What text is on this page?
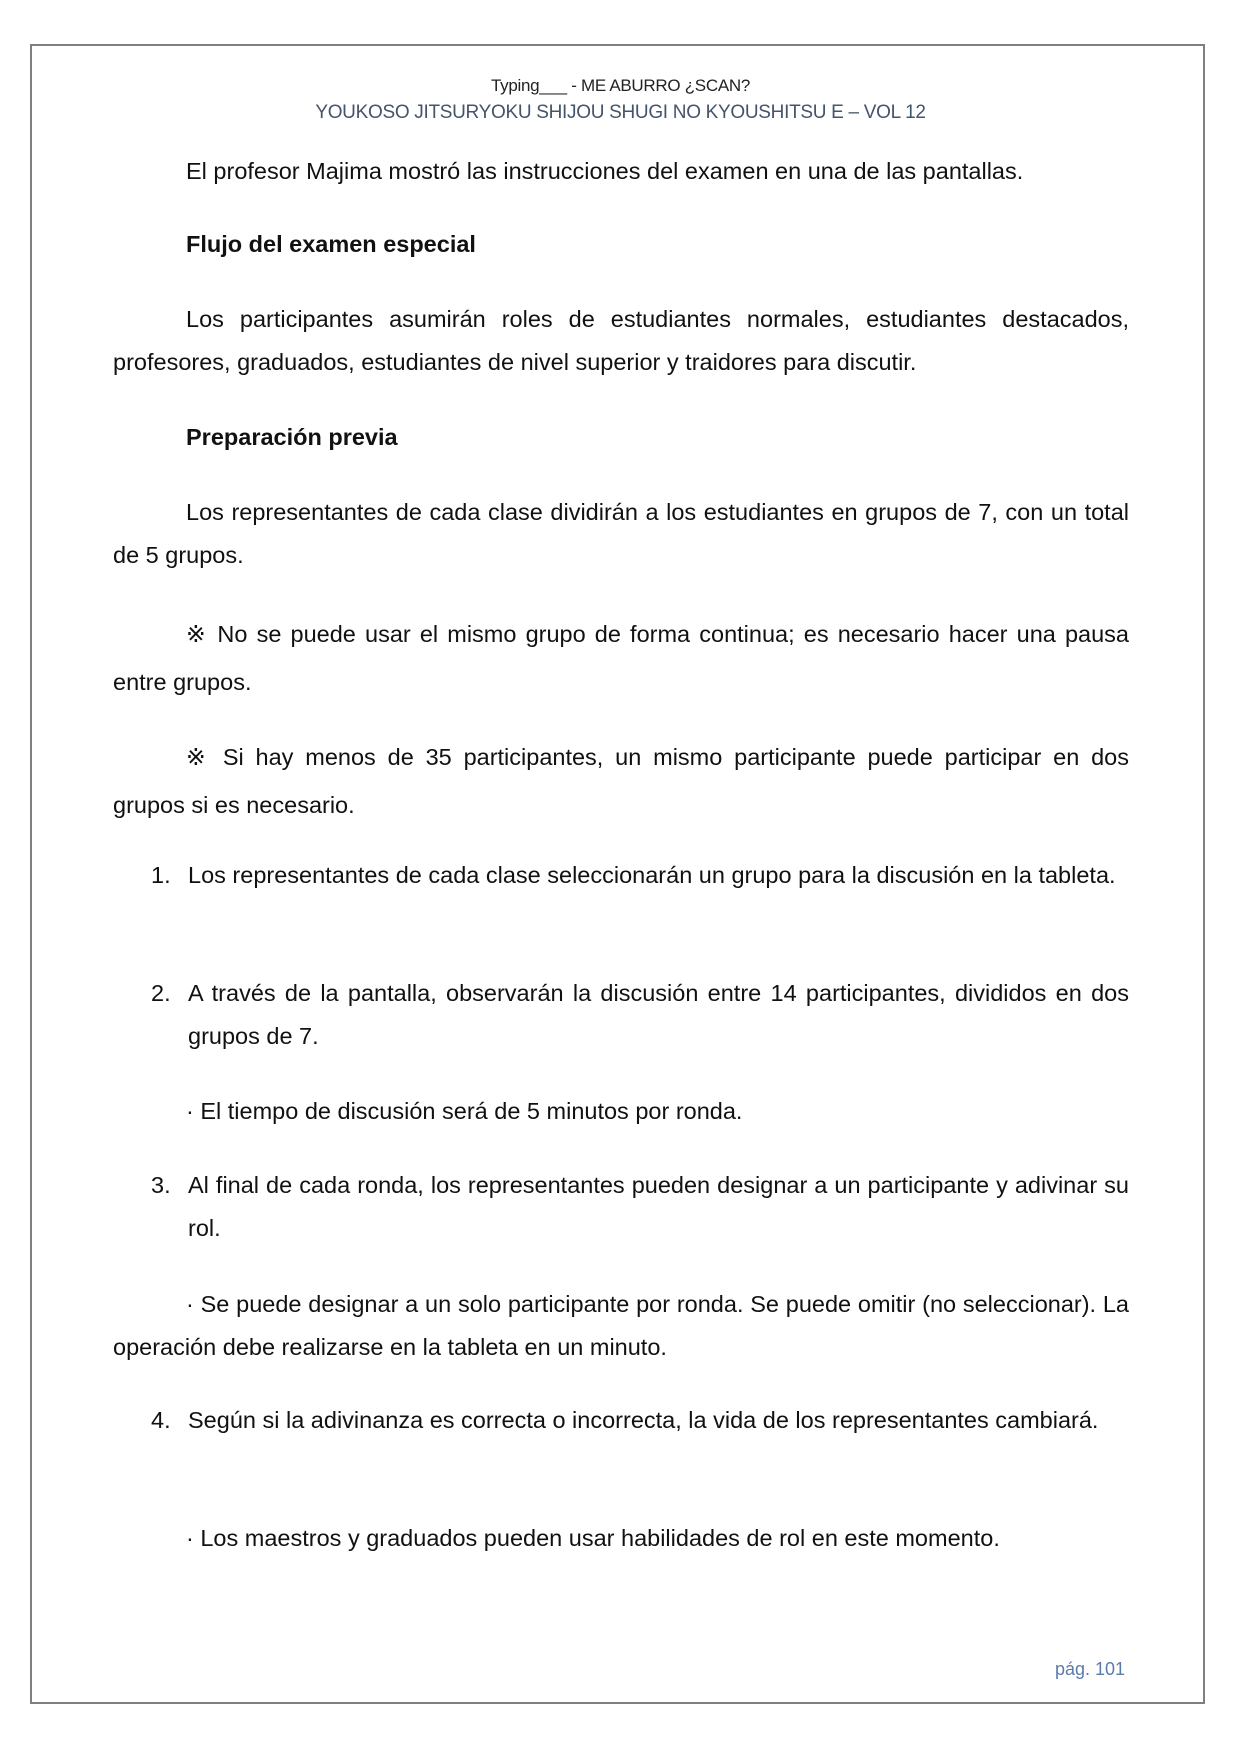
Typing___ - ME ABURRO ¿SCAN?
YOUKOSO JITSURYOKU SHIJOU SHUGI NO KYOUSHITSU E – VOL 12
El profesor Majima mostró las instrucciones del examen en una de las pantallas.
Flujo del examen especial
Los participantes asumirán roles de estudiantes normales, estudiantes destacados, profesores, graduados, estudiantes de nivel superior y traidores para discutir.
Preparación previa
Los representantes de cada clase dividirán a los estudiantes en grupos de 7, con un total de 5 grupos.
※ No se puede usar el mismo grupo de forma continua; es necesario hacer una pausa entre grupos.
※ Si hay menos de 35 participantes, un mismo participante puede participar en dos grupos si es necesario.
1. Los representantes de cada clase seleccionarán un grupo para la discusión en la tableta.
2. A través de la pantalla, observarán la discusión entre 14 participantes, divididos en dos grupos de 7.
· El tiempo de discusión será de 5 minutos por ronda.
3. Al final de cada ronda, los representantes pueden designar a un participante y adivinar su rol.
· Se puede designar a un solo participante por ronda. Se puede omitir (no seleccionar). La operación debe realizarse en la tableta en un minuto.
4. Según si la adivinanza es correcta o incorrecta, la vida de los representantes cambiará.
· Los maestros y graduados pueden usar habilidades de rol en este momento.
pág. 101
